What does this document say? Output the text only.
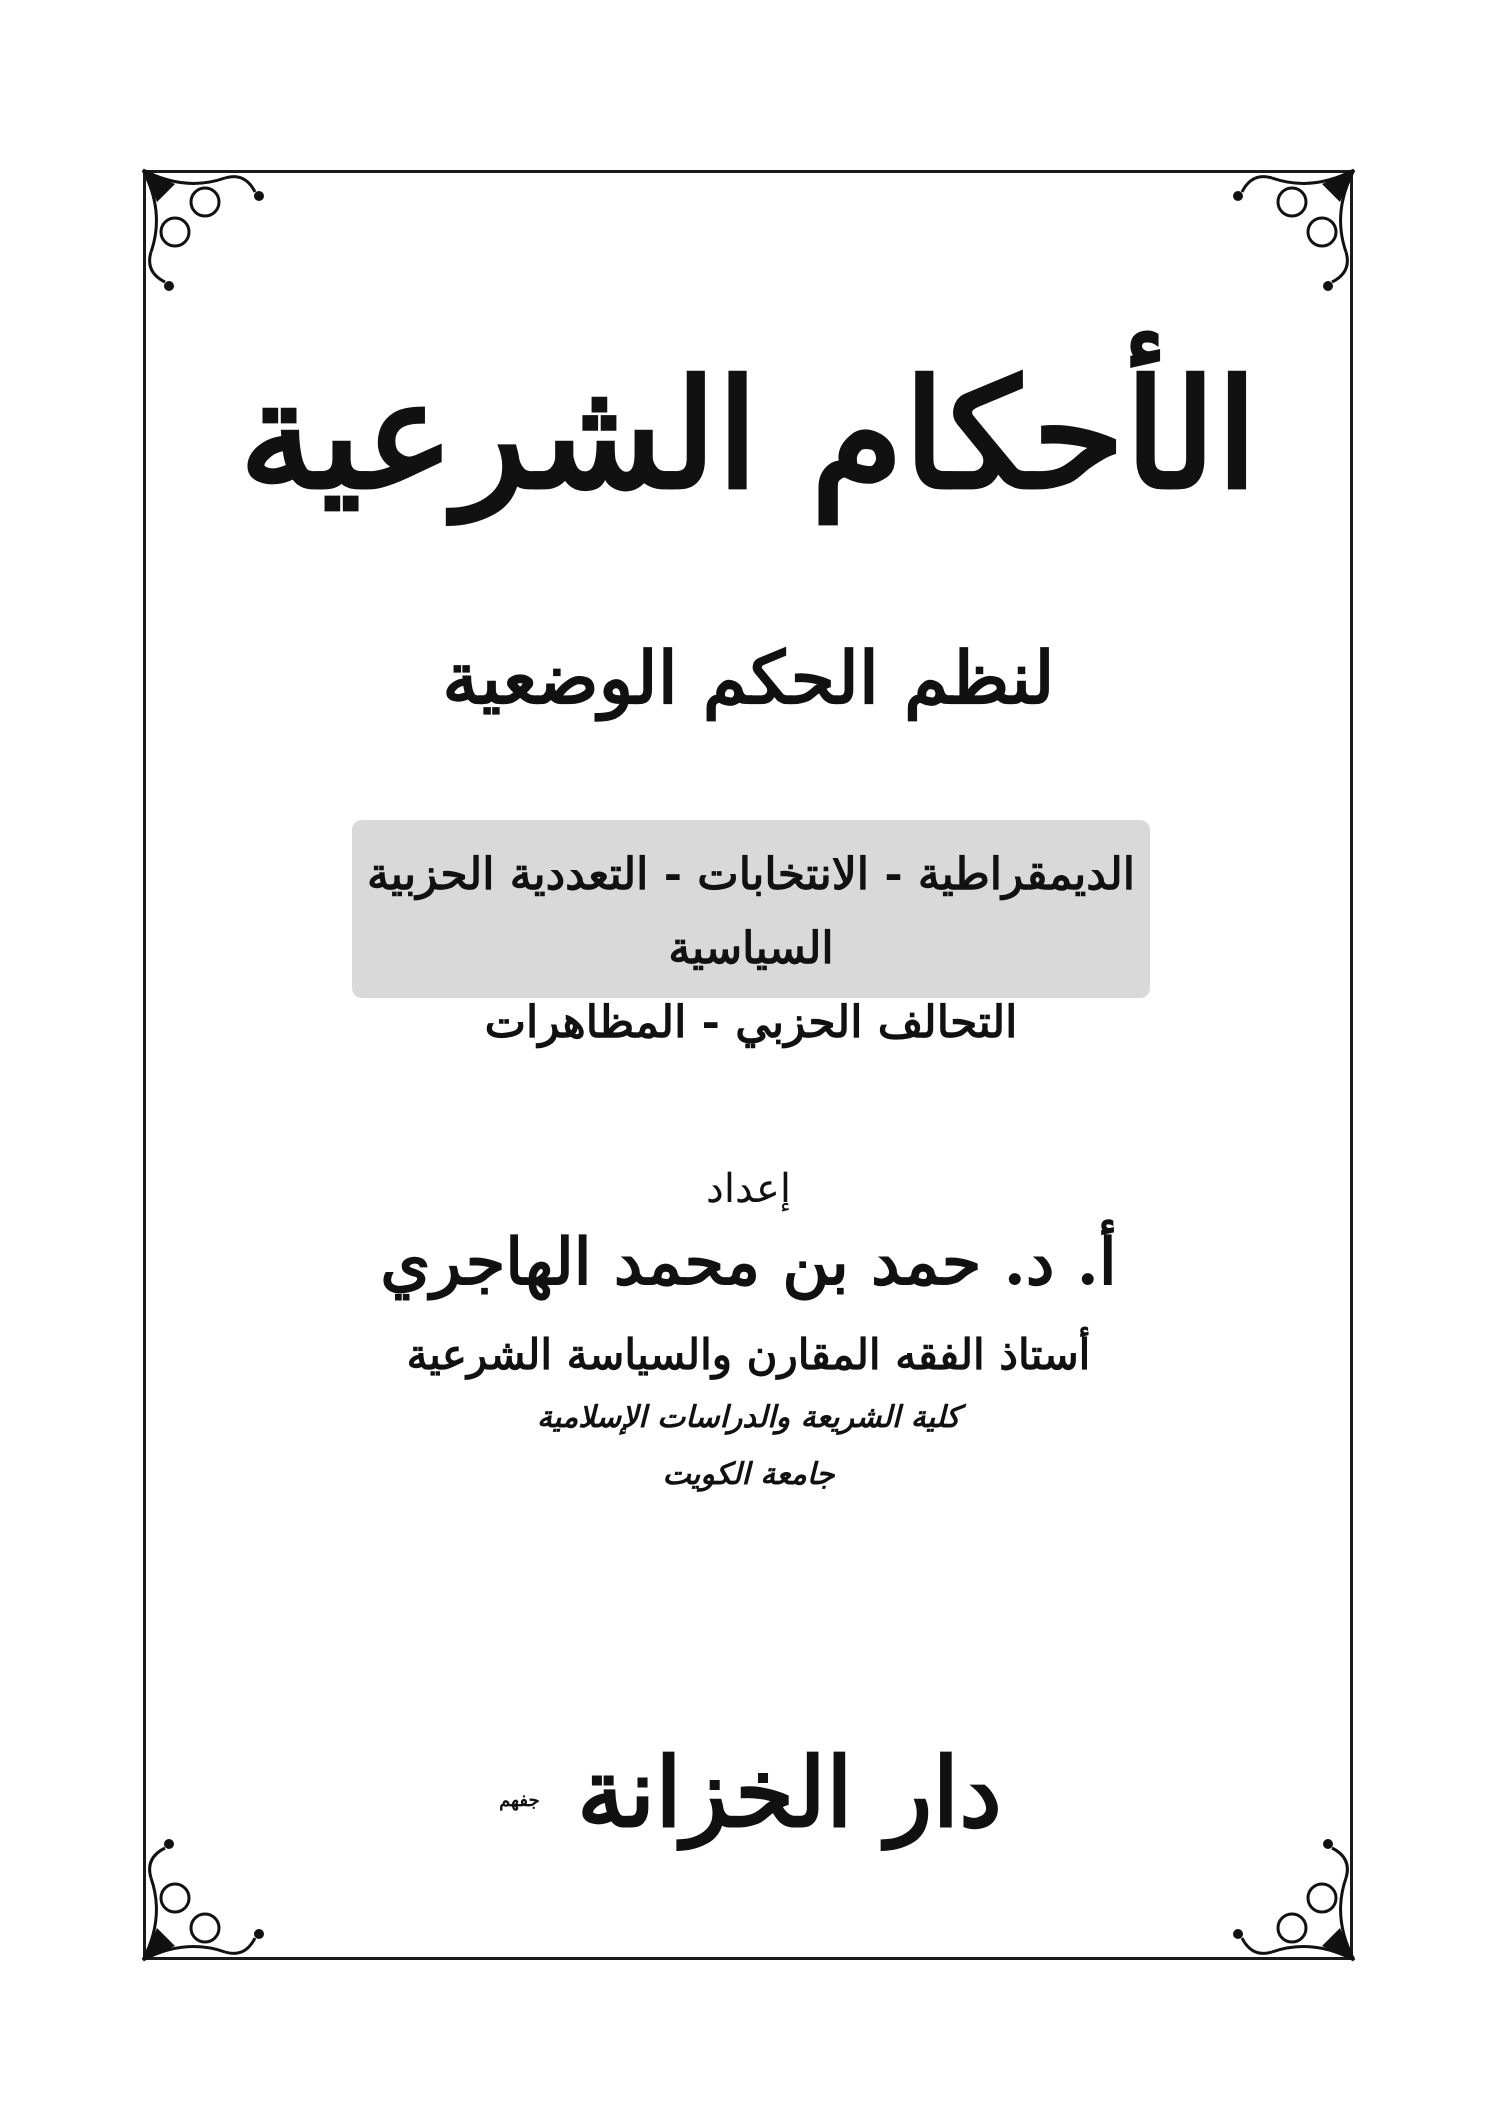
الأحكام الشرعية
لنظم الحكم الوضعية
الديمقراطية - الانتخابات - التعددية الحزبية السياسية
التحالف الحزبي - المظاهرات
إعداد
أ. د. حمد بن محمد الهاجري
أستاذ الفقه المقارن والسياسة الشرعية
كلية الشريعة والدراسات الإسلامية
جامعة الكويت
دار الخزانة جفهم
